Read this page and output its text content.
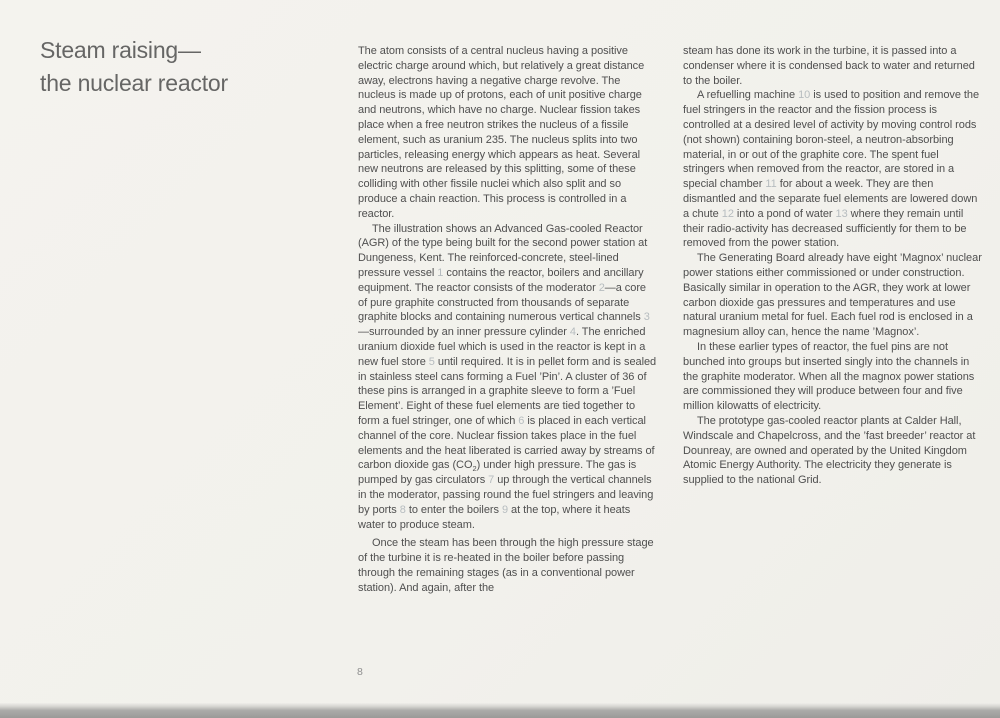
Steam raising—
the nuclear reactor

The atom consists of a central nucleus having a positive electric charge around which, but relatively a great distance away, electrons having a negative charge revolve. The nucleus is made up of protons, each of unit positive charge and neutrons, which have no charge. Nuclear fission takes place when a free neutron strikes the nucleus of a fissile element, such as uranium 235. The nucleus splits into two particles, releasing energy which appears as heat. Several new neutrons are released by this splitting, some of these colliding with other fissile nuclei which also split and so produce a chain reaction. This process is controlled in a reactor.

The illustration shows an Advanced Gas-cooled Reactor (AGR) of the type being built for the second power station at Dungeness, Kent. The reinforced-concrete, steel-lined pressure vessel 1 contains the reactor, boilers and ancillary equipment. The reactor consists of the moderator 2—a core of pure graphite constructed from thousands of separate graphite blocks and containing numerous vertical channels 3—surrounded by an inner pressure cylinder 4. The enriched uranium dioxide fuel which is used in the reactor is kept in a new fuel store 5 until required. It is in pellet form and is sealed in stainless steel cans forming a Fuel ’Pin’. A cluster of 36 of these pins is arranged in a graphite sleeve to form a ’Fuel Element’. Eight of these fuel elements are tied together to form a fuel stringer, one of which 6 is placed in each vertical channel of the core. Nuclear fission takes place in the fuel elements and the heat liberated is carried away by streams of carbon dioxide gas $(CO_2)$ under high pressure. The gas is pumped by gas circulators 7 up through the vertical channels in the moderator, passing round the fuel stringers and leaving by ports 8 to enter the boilers 9 at the top, where it heats water to produce steam.

Once the steam has been through the high pressure stage of the turbine it is re-heated in the boiler before passing through the remaining stages (as in a conventional power station). And again, after the

steam has done its work in the turbine, it is passed into a condenser where it is condensed back to water and returned to the boiler.

A refuelling machine 10 is used to position and remove the fuel stringers in the reactor and the fission process is controlled at a desired level of activity by moving control rods (not shown) containing boron-steel, a neutron-absorbing material, in or out of the graphite core. The spent fuel stringers when removed from the reactor, are stored in a special chamber 11 for about a week. They are then dismantled and the separate fuel elements are lowered down a chute 12 into a pond of water 13 where they remain until their radio-activity has decreased sufficiently for them to be removed from the power station.

The Generating Board already have eight ’Magnox’ nuclear power stations either commissioned or under construction. Basically similar in operation to the AGR, they work at lower carbon dioxide gas pressures and temperatures and use natural uranium metal for fuel. Each fuel rod is enclosed in a magnesium alloy can, hence the name ’Magnox’.

In these earlier types of reactor, the fuel pins are not bunched into groups but inserted singly into the channels in the graphite moderator. When all the magnox power stations are commissioned they will produce between four and five million kilowatts of electricity.

The prototype gas-cooled reactor plants at Calder Hall, Windscale and Chapelcross, and the ’fast breeder’ reactor at Dounreay, are owned and operated by the United Kingdom Atomic Energy Authority. The electricity they generate is supplied to the national Grid.

8
